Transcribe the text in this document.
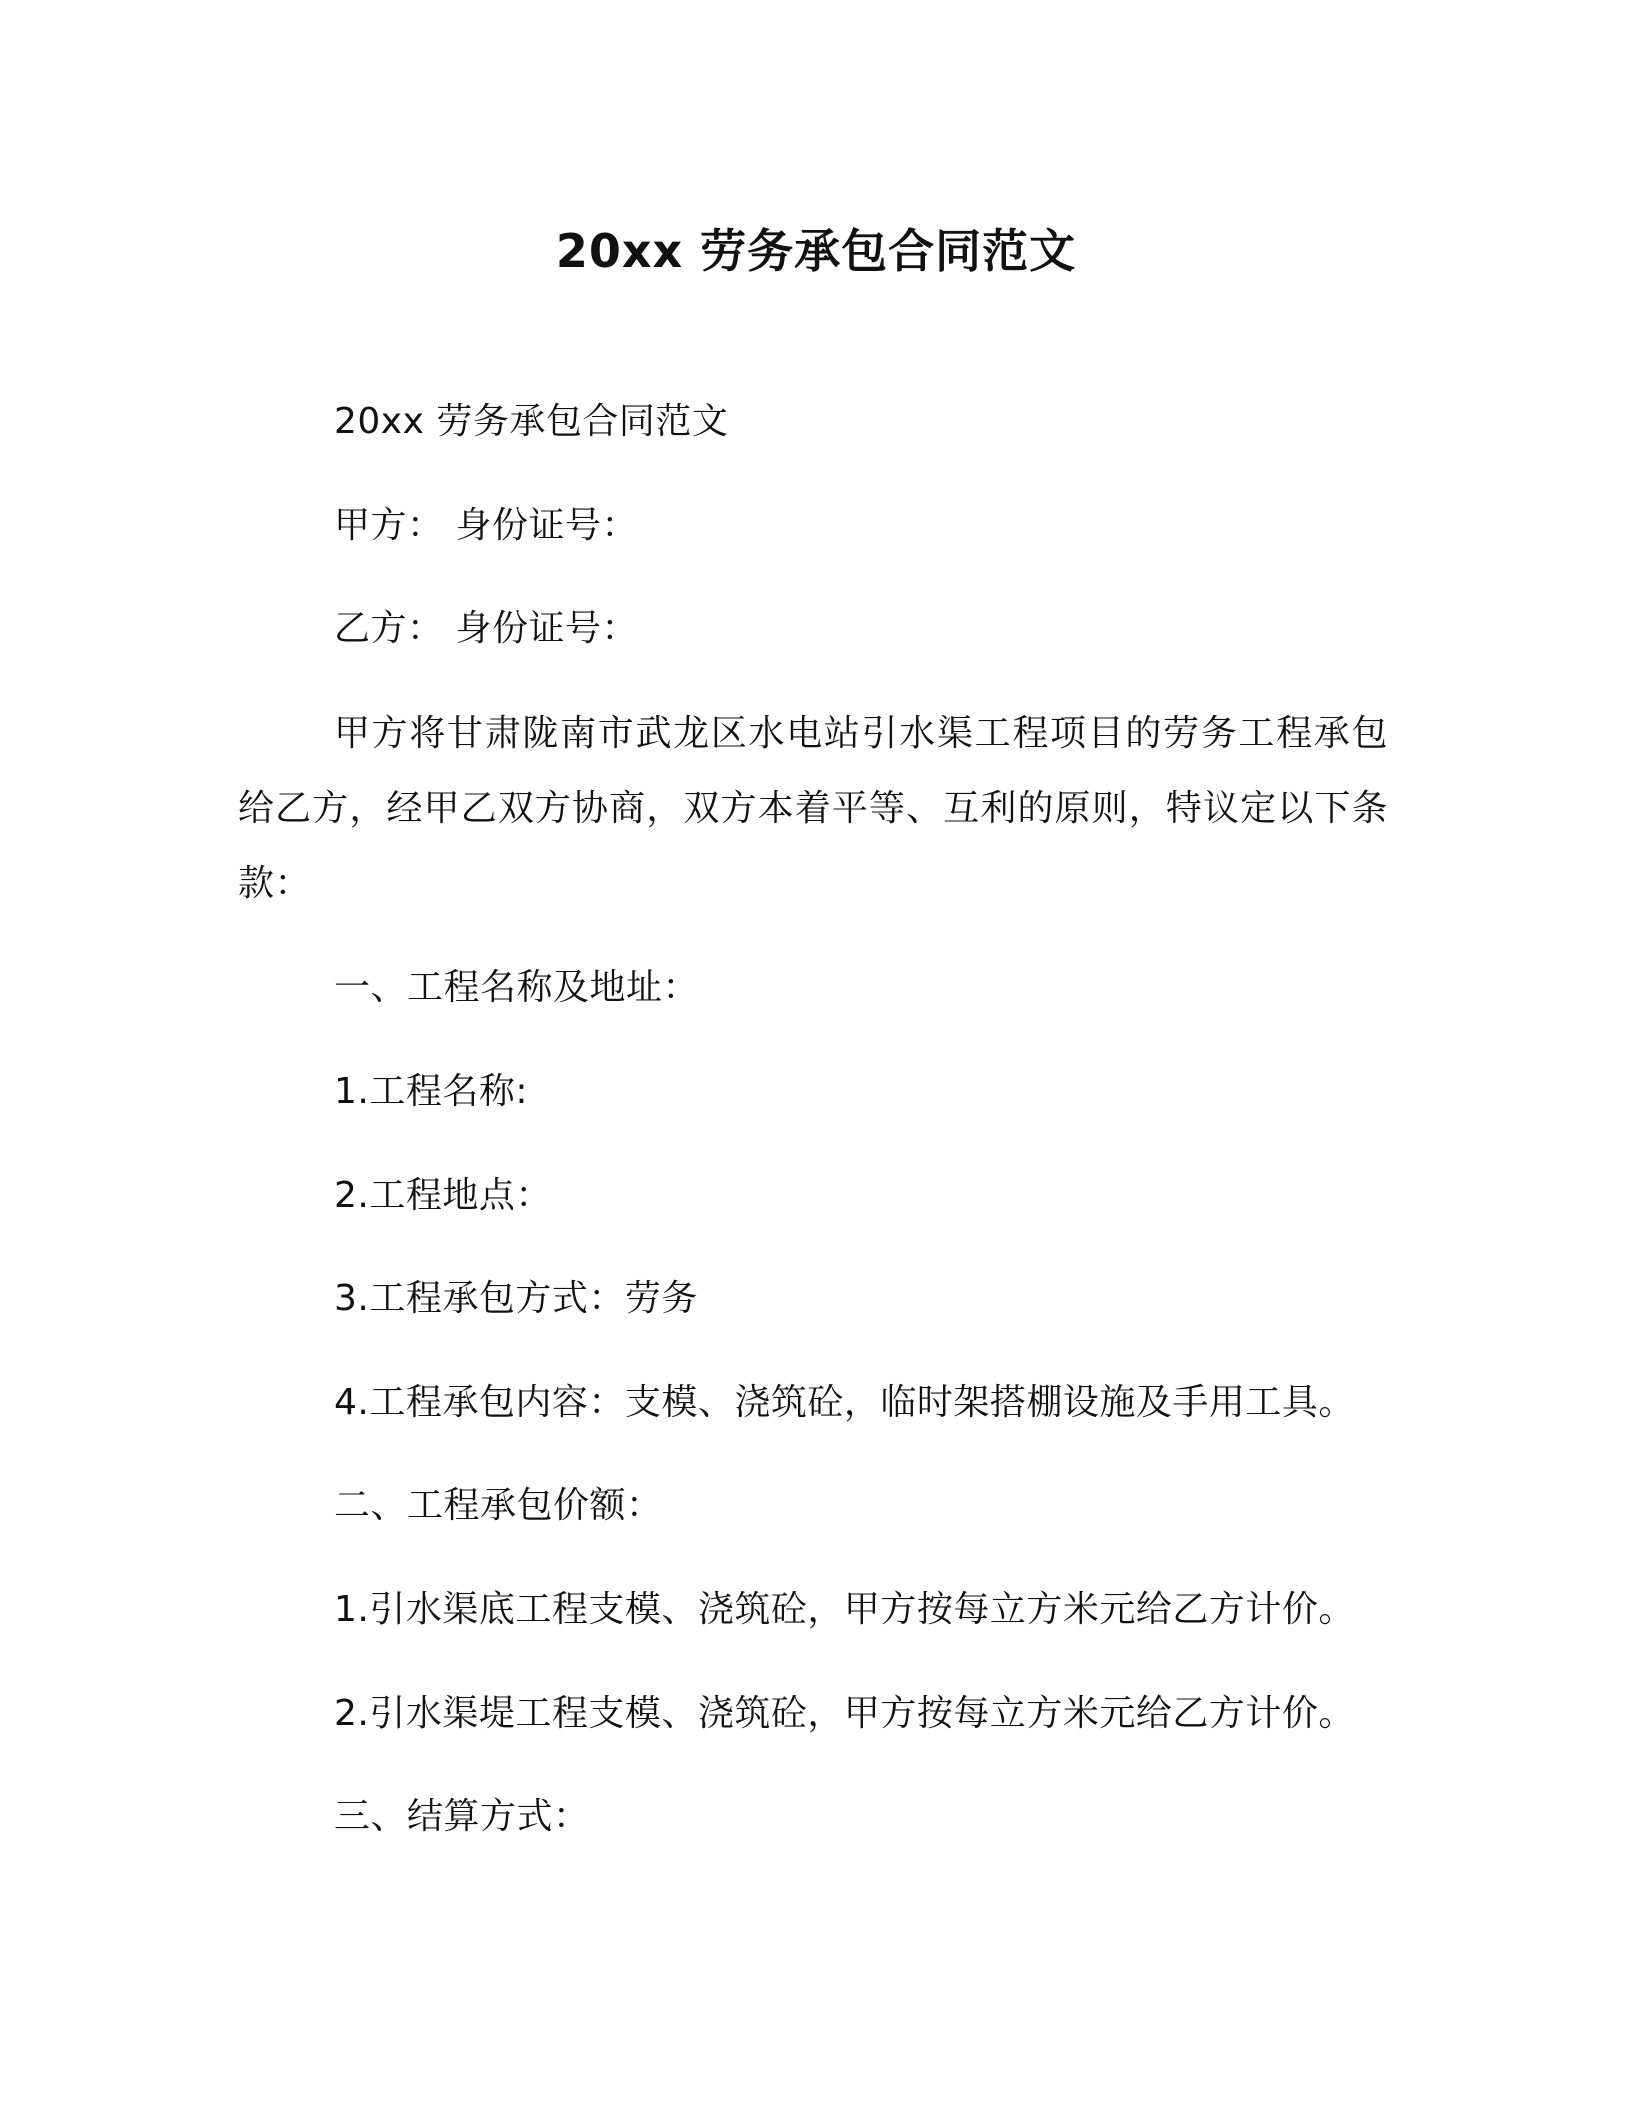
20xx 劳务承包合同范文
20xx 劳务承包合同范文
甲方： 身份证号：
乙方： 身份证号：
甲方将甘肃陇南市武龙区水电站引水渠工程项目的劳务工程承包给乙方，经甲乙双方协商，双方本着平等、互利的原则，特议定以下条款：
一、工程名称及地址：
1.工程名称:
2.工程地点：
3.工程承包方式：劳务
4.工程承包内容：支模、浇筑砼，临时架搭棚设施及手用工具。
二、工程承包价额：
1.引水渠底工程支模、浇筑砼，甲方按每立方米元给乙方计价。
2.引水渠堤工程支模、浇筑砼，甲方按每立方米元给乙方计价。
三、结算方式：
